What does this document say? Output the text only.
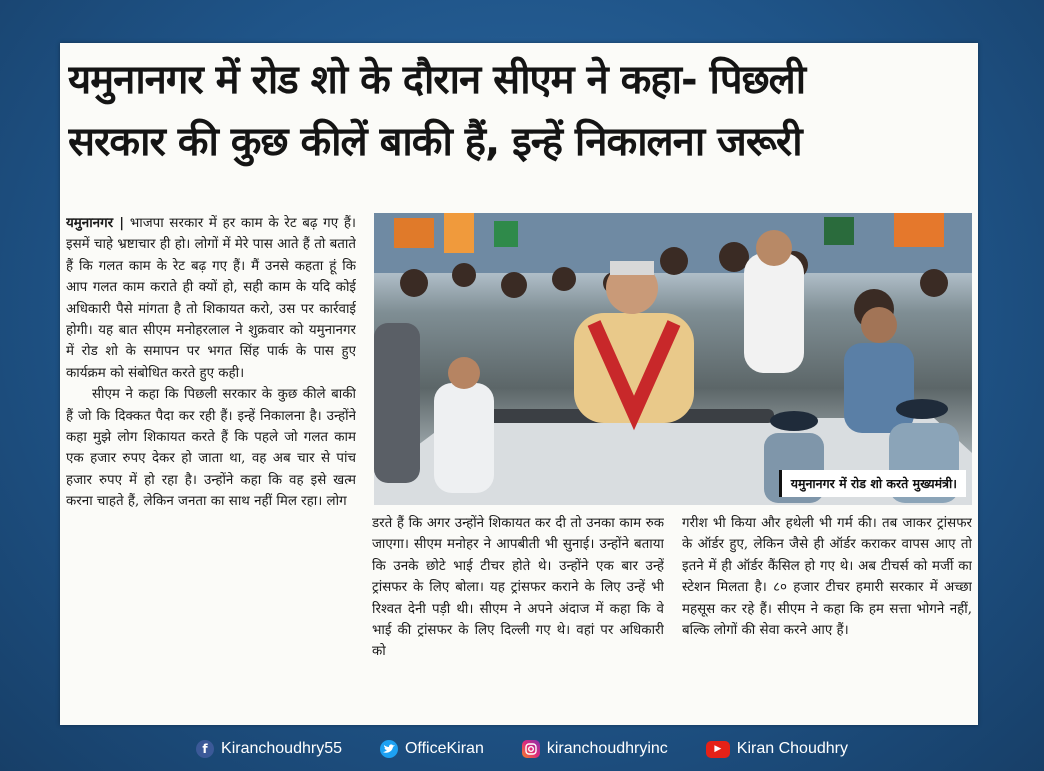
यमुनानगर में रोड शो के दौरान सीएम ने कहा- पिछली
सरकार की कुछ कीलें बाकी हैं, इन्हें निकालना जरूरी

यमुनानगर | भाजपा सरकार में हर काम के रेट बढ़ गए हैं। इसमें चाहे भ्रष्टाचार ही हो। लोगों में मेरे पास आते हैं तो बताते हैं कि गलत काम के रेट बढ़ गए हैं। मैं उनसे कहता हूं कि आप गलत काम कराते ही क्यों हो, सही काम के यदि कोई अधिकारी पैसे मांगता है तो शिकायत करो, उस पर कार्रवाई होगी। यह बात सीएम मनोहरलाल ने शुक्रवार को यमुनानगर में रोड शो के समापन पर भगत सिंह पार्क के पास हुए कार्यक्रम को संबोधित करते हुए कही।

सीएम ने कहा कि पिछली सरकार के कुछ कीले बाकी हैं जो कि दिक्कत पैदा कर रही हैं। इन्हें निकालना है। उन्होंने कहा मुझे लोग शिकायत करते हैं कि पहले जो गलत काम एक हजार रुपए देकर हो जाता था, वह अब चार से पांच हजार रुपए में हो रहा है। उन्होंने कहा कि वह इसे खत्म करना चाहते हैं, लेकिन जनता का साथ नहीं मिल रहा। लोग

यमुनानगर में रोड शो करते मुख्यमंत्री।

डरते हैं कि अगर उन्होंने शिकायत कर दी तो उनका काम रुक जाएगा। सीएम मनोहर ने आपबीती भी सुनाई। उन्होंने बताया कि उनके छोटे भाई टीचर होते थे। उन्होंने एक बार उन्हें ट्रांसफर के लिए बोला। यह ट्रांसफर कराने के लिए उन्हें भी रिश्वत देनी पड़ी थी। सीएम ने अपने अंदाज में कहा कि वे भाई की ट्रांसफर के लिए दिल्ली गए थे। वहां पर अधिकारी को

गरीश भी किया और हथेली भी गर्म की। तब जाकर ट्रांसफर के ऑर्डर हुए, लेकिन जैसे ही ऑर्डर कराकर वापस आए तो इतने में ही ऑर्डर कैंसिल हो गए थे। अब टीचर्स को मर्जी का स्टेशन मिलता है। ८० हजार टीचर हमारी सरकार में अच्छा महसूस कर रहे हैं। सीएम ने कहा कि हम सत्ता भोगने नहीं, बल्कि लोगों की सेवा करने आए हैं।

f Kiranchoudhry55	OfficeKiran	kiranchoudhryinc	▶ Kiran Choudhry
